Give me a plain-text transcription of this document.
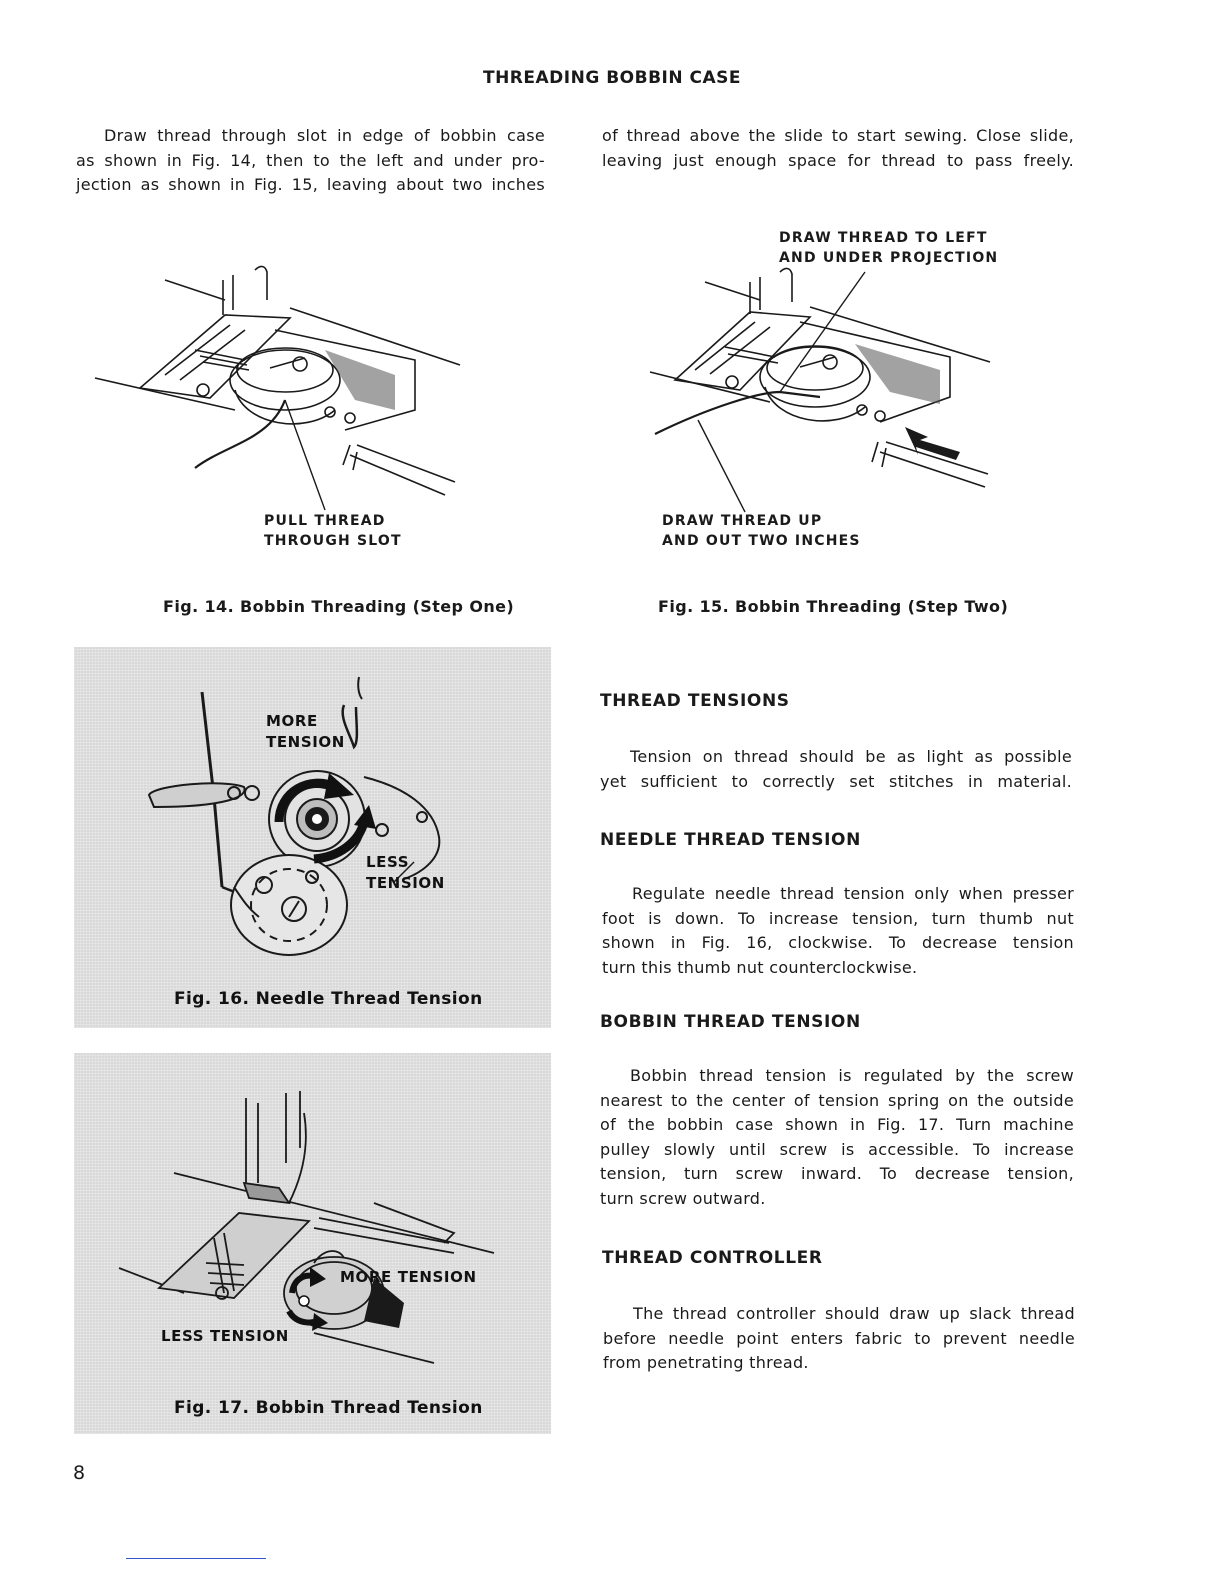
THREADING BOBBIN CASE
Draw thread through slot in edge of bobbin case
as shown in Fig. 14, then to the left and under pro-
jection as shown in Fig. 15, leaving about two inches
of thread above the slide to start sewing. Close slide,
leaving just enough space for thread to pass freely.
PULL THREAD
THROUGH SLOT
Fig. 14. Bobbin Threading (Step One)
DRAW THREAD TO LEFT
AND UNDER PROJECTION
DRAW THREAD UP
AND OUT TWO INCHES
Fig. 15. Bobbin Threading (Step Two)
MORE
TENSION
LESS
TENSION
Fig. 16. Needle Thread Tension
MORE TENSION
LESS TENSION
Fig. 17. Bobbin Thread Tension
THREAD TENSIONS
Tension on thread should be as light as possible
yet sufficient to correctly set stitches in material.
NEEDLE THREAD TENSION
Regulate needle thread tension only when presser
foot is down. To increase tension, turn thumb nut
shown in Fig. 16, clockwise. To decrease tension
turn this thumb nut counterclockwise.
BOBBIN THREAD TENSION
Bobbin thread tension is regulated by the screw
nearest to the center of tension spring on the outside
of the bobbin case shown in Fig. 17. Turn machine
pulley slowly until screw is accessible. To increase
tension, turn screw inward. To decrease tension,
turn screw outward.
THREAD CONTROLLER
The thread controller should draw up slack thread
before needle point enters fabric to prevent needle
from penetrating thread.
8
